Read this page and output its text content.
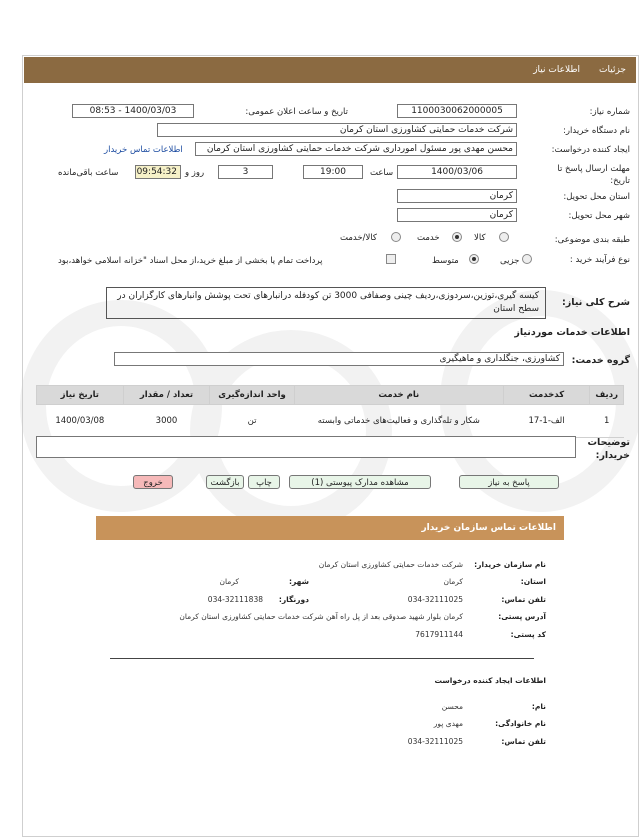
جزئیات
اطلاعات نیاز
شماره نیاز:
1100030062000005
تاریخ و ساعت اعلان عمومی:
1400/03/03 - 08:53
نام دستگاه خریدار:
شرکت خدمات حمایتی کشاورزی استان کرمان
ایجاد کننده درخواست:
محسن مهدی پور مسئول امورداری شرکت خدمات حمایتی کشاورزی استان کرمان
اطلاعات تماس خریدار
مهلت ارسال پاسخ تا تاریخ:
1400/03/06
ساعت
19:00
3
روز و
09:54:32
ساعت باقی‌مانده
استان محل تحویل:
کرمان
شهر محل تحویل:
کرمان
طبقه بندی موضوعی:
کالا
خدمت
کالا/خدمت
نوع فرآیند خرید :
جزیی
متوسط
پرداخت تمام یا بخشی از مبلغ خرید،از محل اسناد "خزانه اسلامی خواهد،بود
شرح کلی نیاز:
کیسه گیری،توزین،سردوزی،ردیف چینی وصفافی 3000 تن کودفله درانبارهای تحت پوشش وانبارهای کارگزاران در سطح استان
اطلاعات خدمات موردنیاز
گروه خدمت:
کشاورزی، جنگلداری و ماهیگیری
ردیف	کدخدمت	نام خدمت	واحد اندازه‌گیری	تعداد / مقدار	تاریخ نیاز
1	الف-1-17	شکار و تله‌گذاری و فعالیت‌های خدماتی وابسته	تن	3000	1400/03/08
توضیحات خریدار:
پاسخ به نیاز
مشاهده مدارک پیوستی (1)
چاپ
بازگشت
خروج
اطلاعات تماس سازمان خریدار
نام سازمان خریدار:
شرکت خدمات حمایتی کشاورزی استان کرمان
استان:
کرمان
شهر:
کرمان
تلفن تماس:
034-32111025
دورنگار:
034-32111838
آدرس پستی:
کرمان بلوار شهید صدوقی بعد از پل راه آهن شرکت خدمات حمایتی کشاورزی استان کرمان
کد پستی:
7617911144
اطلاعات ایجاد کننده درخواست
نام:
محسن
نام خانوادگی:
مهدی پور
تلفن تماس:
034-32111025
